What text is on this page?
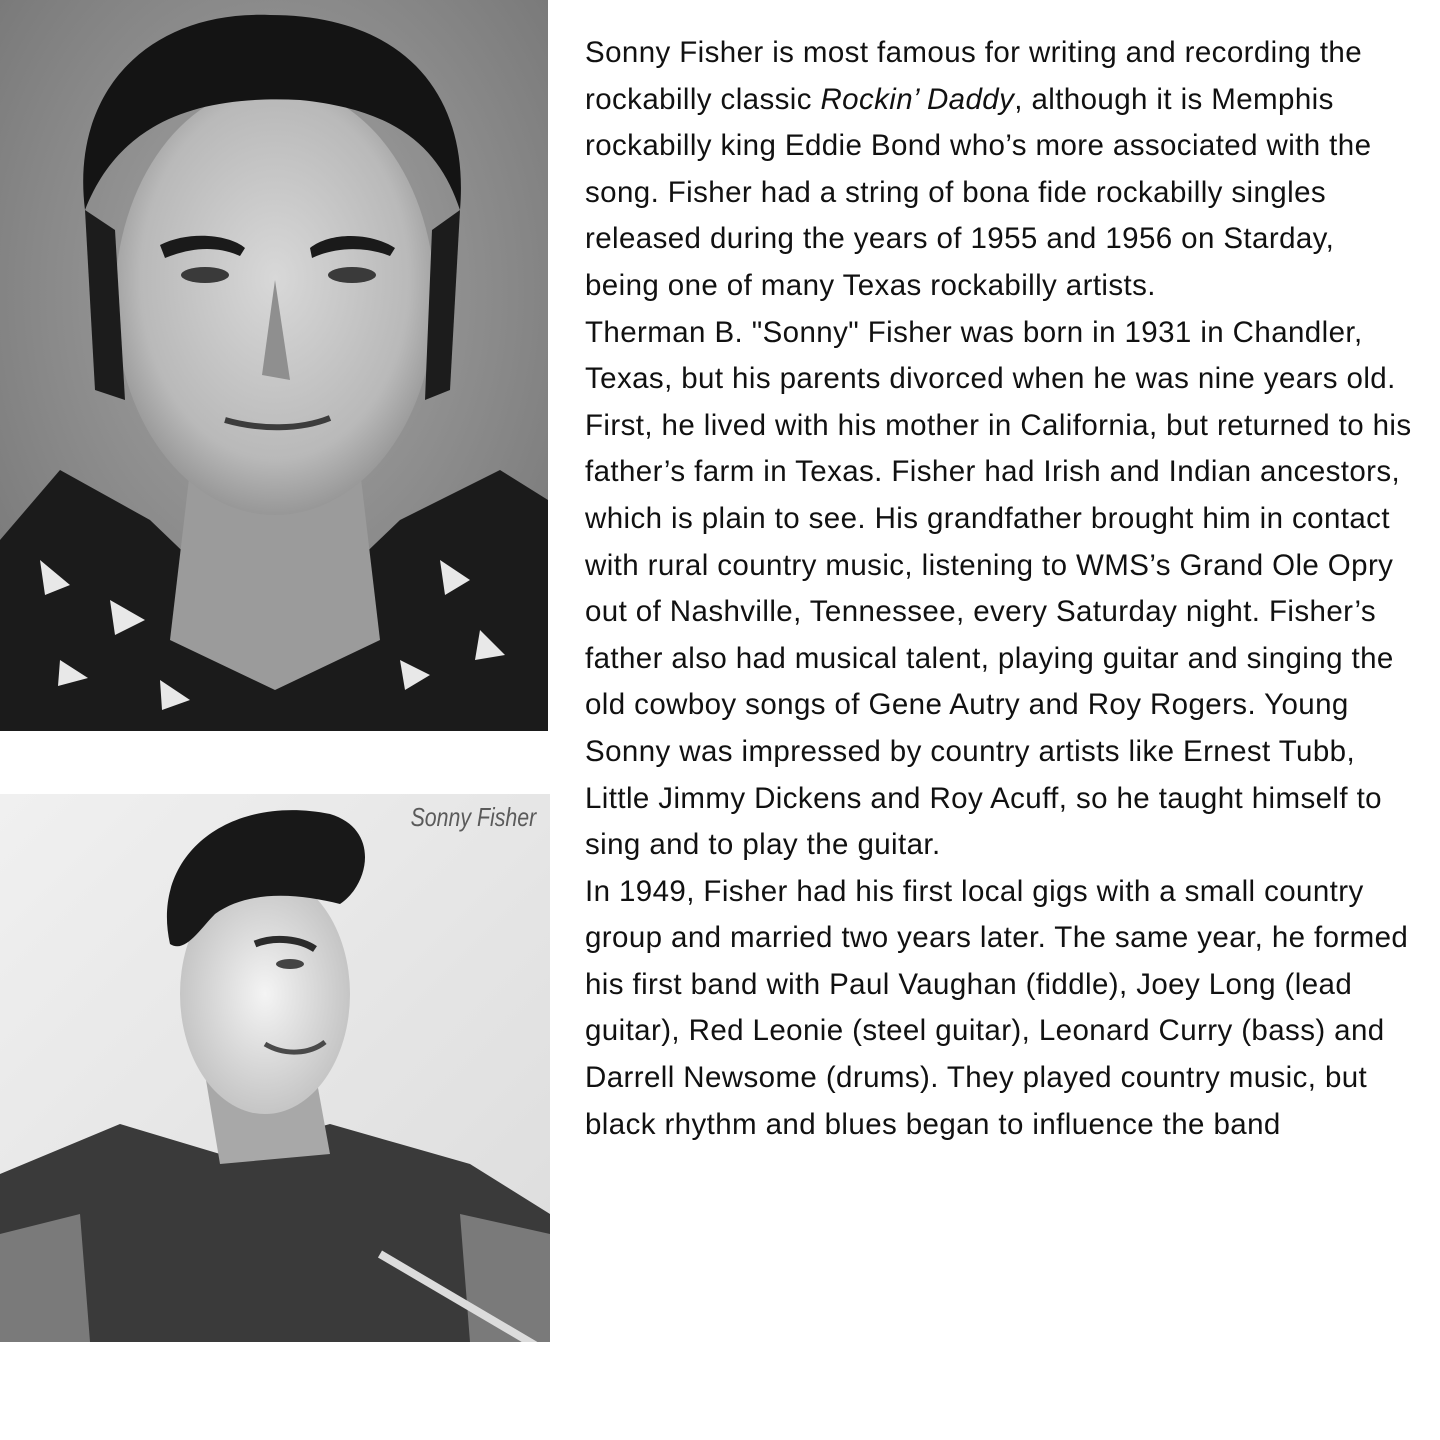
Sonny Fisher

Sonny Fisher is most famous for writing and recording the rockabilly classic Rockin’ Daddy, although it is Memphis rockabilly king Eddie Bond who’s more associated with the song. Fisher had a string of bona fide rockabilly singles released during the years of 1955 and 1956 on Starday, being one of many Texas rockabilly artists.

Therman B. "Sonny" Fisher was born in 1931 in Chandler, Texas, but his parents divorced when he was nine years old. First, he lived with his mother in California, but returned to his father’s farm in Texas. Fisher had Irish and Indian ancestors, which is plain to see. His grandfather brought him in contact with rural country music, listening to WMS’s Grand Ole Opry out of Nashville, Tennessee, every Saturday night. Fisher’s father also had musical talent, playing guitar and singing the old cowboy songs of Gene Autry and Roy Rogers. Young Sonny was impressed by country artists like Ernest Tubb, Little Jimmy Dickens and Roy Acuff, so he taught himself to sing and to play the guitar.

In 1949, Fisher had his first local gigs with a small country group and married two years later. The same year, he formed his first band with Paul Vaughan (fiddle), Joey Long (lead guitar), Red Leonie (steel guitar), Leonard Curry (bass) and Darrell Newsome (drums). They played country music, but black rhythm and blues began to influence the band
